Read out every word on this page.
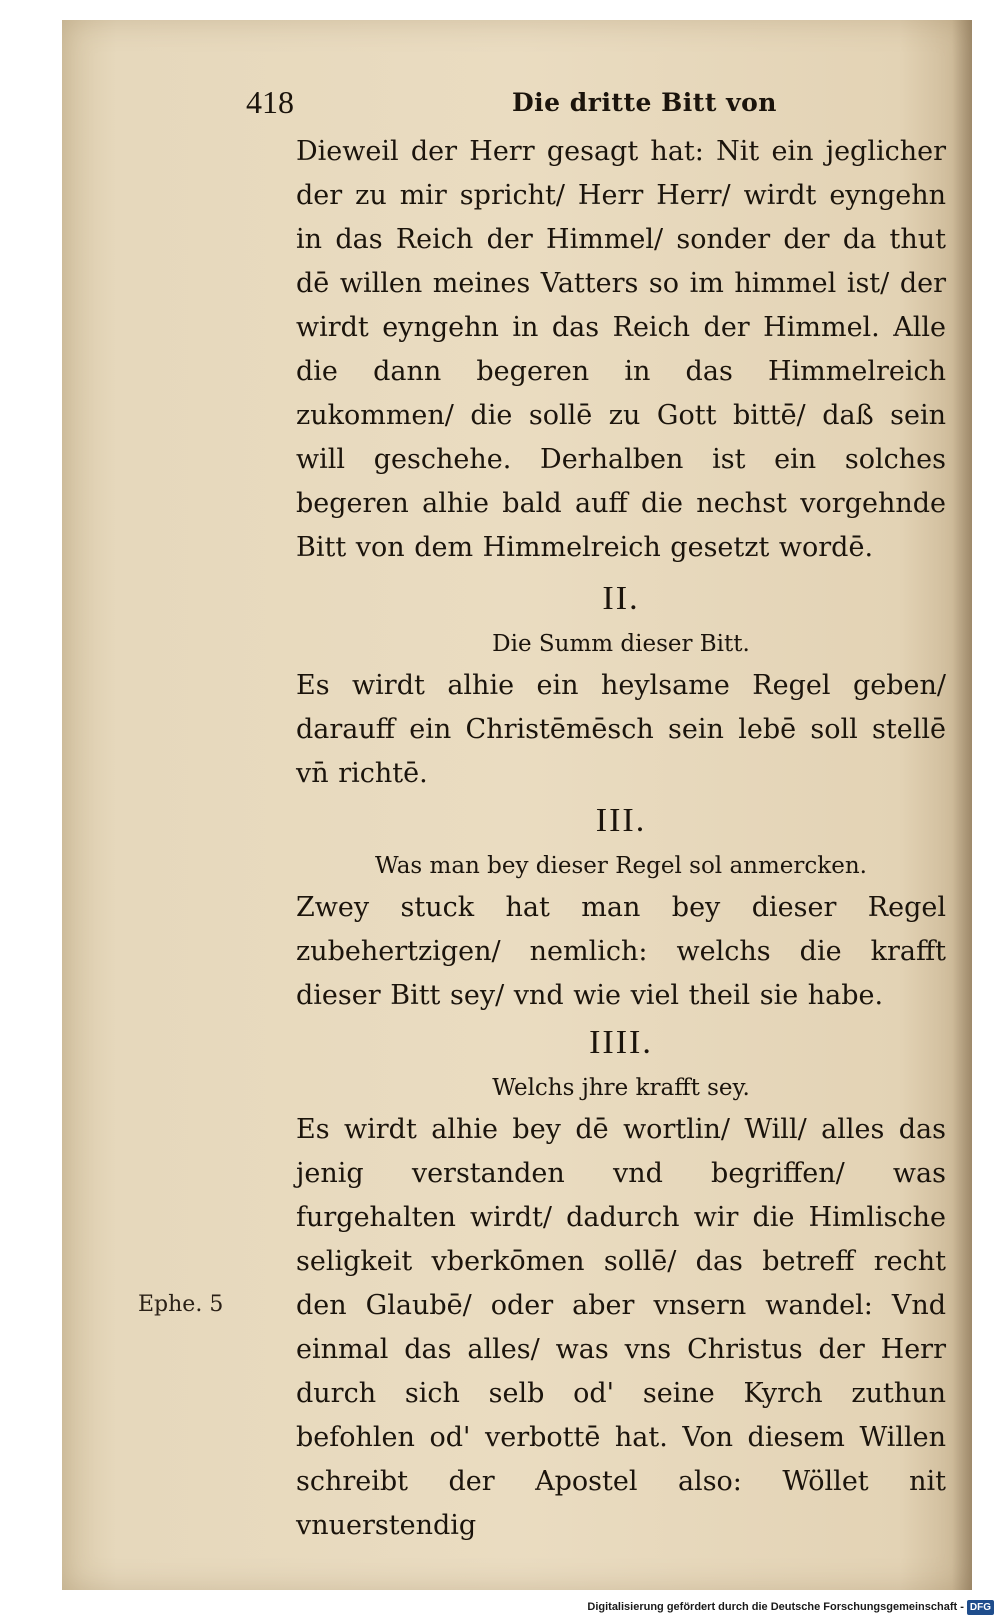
418	Die dritte Bitt von

Dieweil der Herr gesagt hat: Nit ein jeglicher der zu mir spricht/ Herr Herr/ wirdt eyngehn in das Reich der Himmel/ sonder der da thut dē willen meines Vatters so im himmel ist/ der wirdt eyngehn in das Reich der Himmel. Alle die dann begeren in das Himmelreich zukommen/ die sollē zu Gott bittē/ daß sein will geschehe. Derhalben ist ein solches begeren alhie bald auff die nechst vorgehnde Bitt von dem Himmelreich gesetzt wordē.

II.

Die Summ dieser Bitt.

Es wirdt alhie ein heylsame Regel geben/ darauff ein Christēmēsch sein lebē soll stellē vn̄ richtē.

III.

Was man bey dieser Regel sol anmercken.

Zwey stuck hat man bey dieser Regel zubehertzigen/ nemlich: welchs die krafft dieser Bitt sey/ vnd wie viel theil sie habe.

IIII.

Welchs jhre krafft sey.

Es wirdt alhie bey dē wortlin/ Will/ alles das jenig verstanden vnd begriffen/ was furgehalten wirdt/ dadurch wir die Himlische seligkeit vberkōmen sollē/ das betreff recht den Glaubē/ oder aber vnsern wandel: Vnd einmal das alles/ was vns Christus der Herr durch sich selb od' seine Kyrch zuthun befohlen od' verbottē hat. Von diesem Willen schreibt der Apostel also: Wöllet nit vnuerstendig

Ephe. 5
Digitalisierung gefördert durch die Deutsche Forschungsgemeinschaft - DFG
